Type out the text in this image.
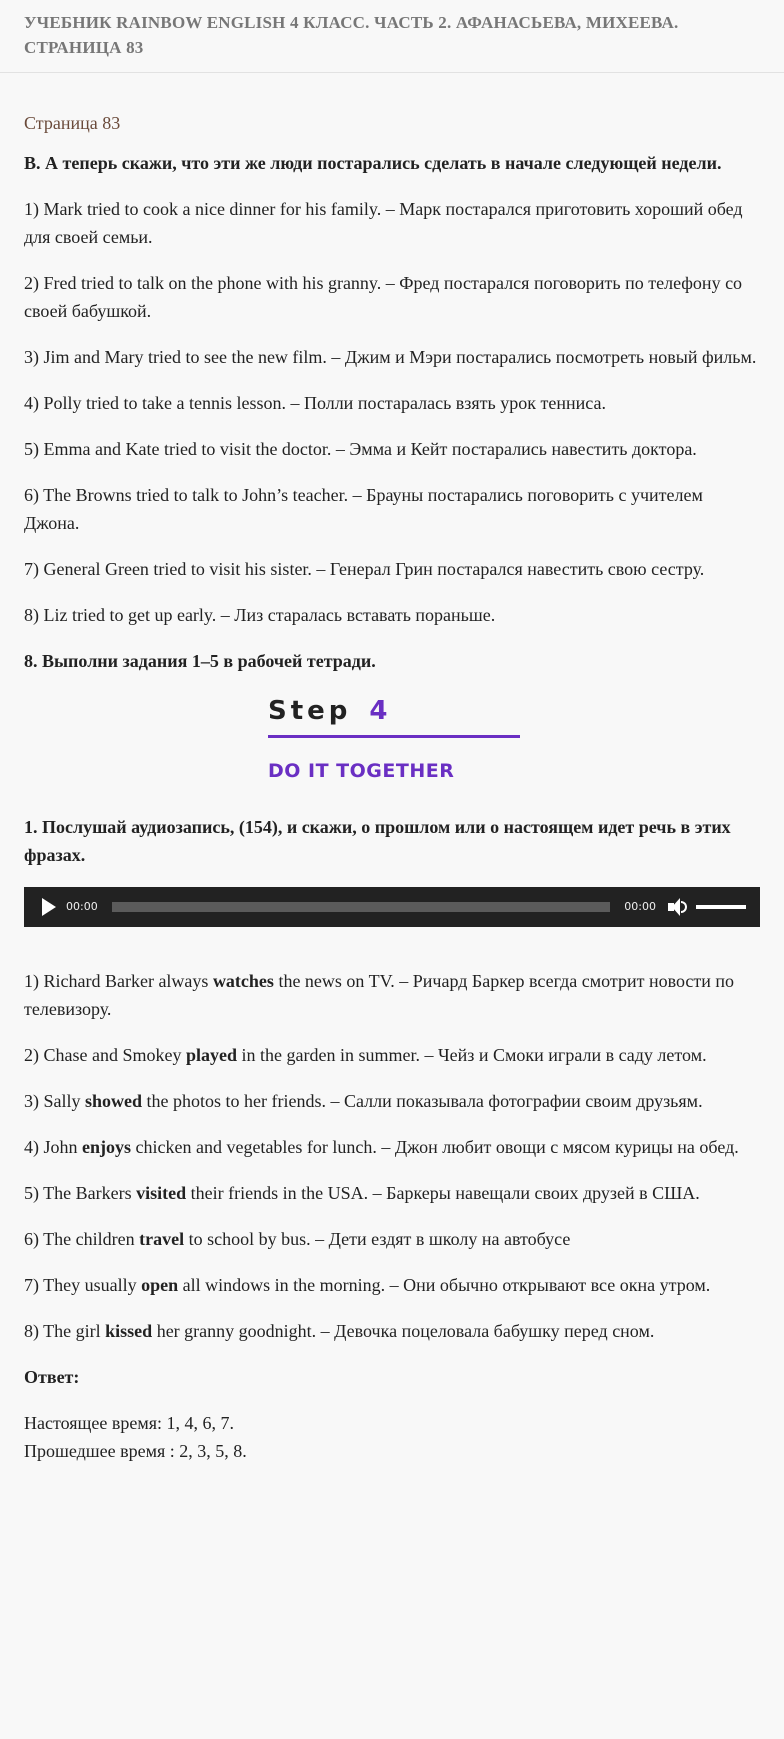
УЧЕБНИК RAINBOW ENGLISH 4 КЛАСС. ЧАСТЬ 2. АФАНАСЬЕВА, МИХЕЕВА. СТРАНИЦА 83

Страница 83

B. А теперь скажи, что эти же люди постарались сделать в начале следующей недели.

1) Mark tried to cook a nice dinner for his family. – Марк постарался приготовить хороший обед для своей семьи.

2) Fred tried to talk on the phone with his granny. – Фред постарался поговорить по телефону со своей бабушкой.

3) Jim and Mary tried to see the new film. – Джим и Мэри постарались посмотреть новый фильм.

4) Polly tried to take a tennis lesson. – Полли постаралась взять урок тенниса.

5) Emma and Kate tried to visit the doctor. – Эмма и Кейт постарались навестить доктора.

6) The Browns tried to talk to John’s teacher. – Брауны постарались поговорить с учителем Джона.

7) General Green tried to visit his sister. – Генерал Грин постарался навестить свою сестру.

8) Liz tried to get up early. – Лиз старалась вставать пораньше.

8. Выполни задания 1–5 в рабочей тетради.

Step 4
DO IT TOGETHER

1. Послушай аудиозапись, (154), и скажи, о прошлом или о настоящем идет речь в этих фразах.

00:00	00:00

1) Richard Barker always watches the news on TV. – Ричард Баркер всегда смотрит новости по телевизору.

2) Chase and Smokey played in the garden in summer. – Чейз и Смоки играли в саду летом.

3) Sally showed the photos to her friends. – Салли показывала фотографии своим друзьям.

4) John enjoys chicken and vegetables for lunch. – Джон любит овощи с мясом курицы на обед.

5) The Barkers visited their friends in the USA. – Баркеры навещали своих друзей в США.

6) The children travel to school by bus. – Дети ездят в школу на автобусе

7) They usually open all windows in the morning. – Они обычно открывают все окна утром.

8) The girl kissed her granny goodnight. – Девочка поцеловала бабушку перед сном.

Ответ:

Настоящее время: 1, 4, 6, 7.

Прошедшее время : 2, 3, 5, 8.
